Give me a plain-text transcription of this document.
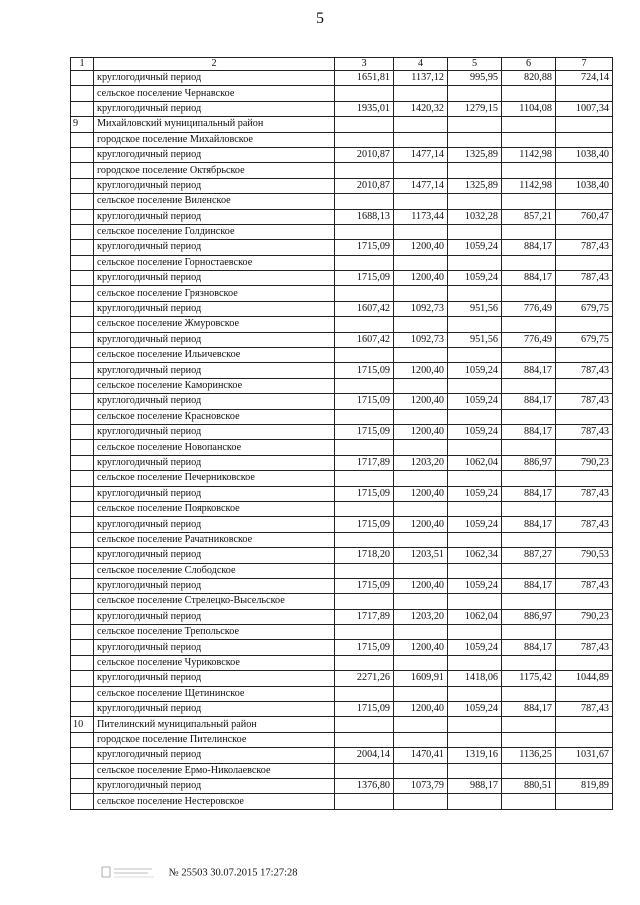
5
1	2	3	4	5	6	7
	круглогодичный период	1651,81	1137,12	995,95	820,88	724,14
	сельское поселение Чернавское					
	круглогодичный период	1935,01	1420,32	1279,15	1104,08	1007,34
9	Михайловский муниципальный район					
	городское поселение Михайловское					
	круглогодичный период	2010,87	1477,14	1325,89	1142,98	1038,40
	городское поселение Октябрьское					
	круглогодичный период	2010,87	1477,14	1325,89	1142,98	1038,40
	сельское поселение Виленское					
	круглогодичный период	1688,13	1173,44	1032,28	857,21	760,47
	сельское поселение Голдинское					
	круглогодичный период	1715,09	1200,40	1059,24	884,17	787,43
	сельское поселение Горностаевское					
	круглогодичный период	1715,09	1200,40	1059,24	884,17	787,43
	сельское поселение Грязновское					
	круглогодичный период	1607,42	1092,73	951,56	776,49	679,75
	сельское поселение Жмуровское					
	круглогодичный период	1607,42	1092,73	951,56	776,49	679,75
	сельское поселение Ильичевское					
	круглогодичный период	1715,09	1200,40	1059,24	884,17	787,43
	сельское поселение Каморинское					
	круглогодичный период	1715,09	1200,40	1059,24	884,17	787,43
	сельское поселение Красновское					
	круглогодичный период	1715,09	1200,40	1059,24	884,17	787,43
	сельское поселение Новопанское					
	круглогодичный период	1717,89	1203,20	1062,04	886,97	790,23
	сельское поселение Печерниковское					
	круглогодичный период	1715,09	1200,40	1059,24	884,17	787,43
	сельское поселение Поярковское					
	круглогодичный период	1715,09	1200,40	1059,24	884,17	787,43
	сельское поселение Рачатниковское					
	круглогодичный период	1718,20	1203,51	1062,34	887,27	790,53
	сельское поселение Слободское					
	круглогодичный период	1715,09	1200,40	1059,24	884,17	787,43
	сельское поселение Стрелецко-Высельское					
	круглогодичный период	1717,89	1203,20	1062,04	886,97	790,23
	сельское поселение Трепольское					
	круглогодичный период	1715,09	1200,40	1059,24	884,17	787,43
	сельское поселение Чуриковское					
	круглогодичный период	2271,26	1609,91	1418,06	1175,42	1044,89
	сельское поселение Щетининское					
	круглогодичный период	1715,09	1200,40	1059,24	884,17	787,43
10	Пителинский муниципальный район					
	городское поселение Пителинское					
	круглогодичный период	2004,14	1470,41	1319,16	1136,25	1031,67
	сельское поселение Ермо-Николаевское					
	круглогодичный период	1376,80	1073,79	988,17	880,51	819,89
	сельское поселение Нестеровское					
№ 25503 30.07.2015 17:27:28
